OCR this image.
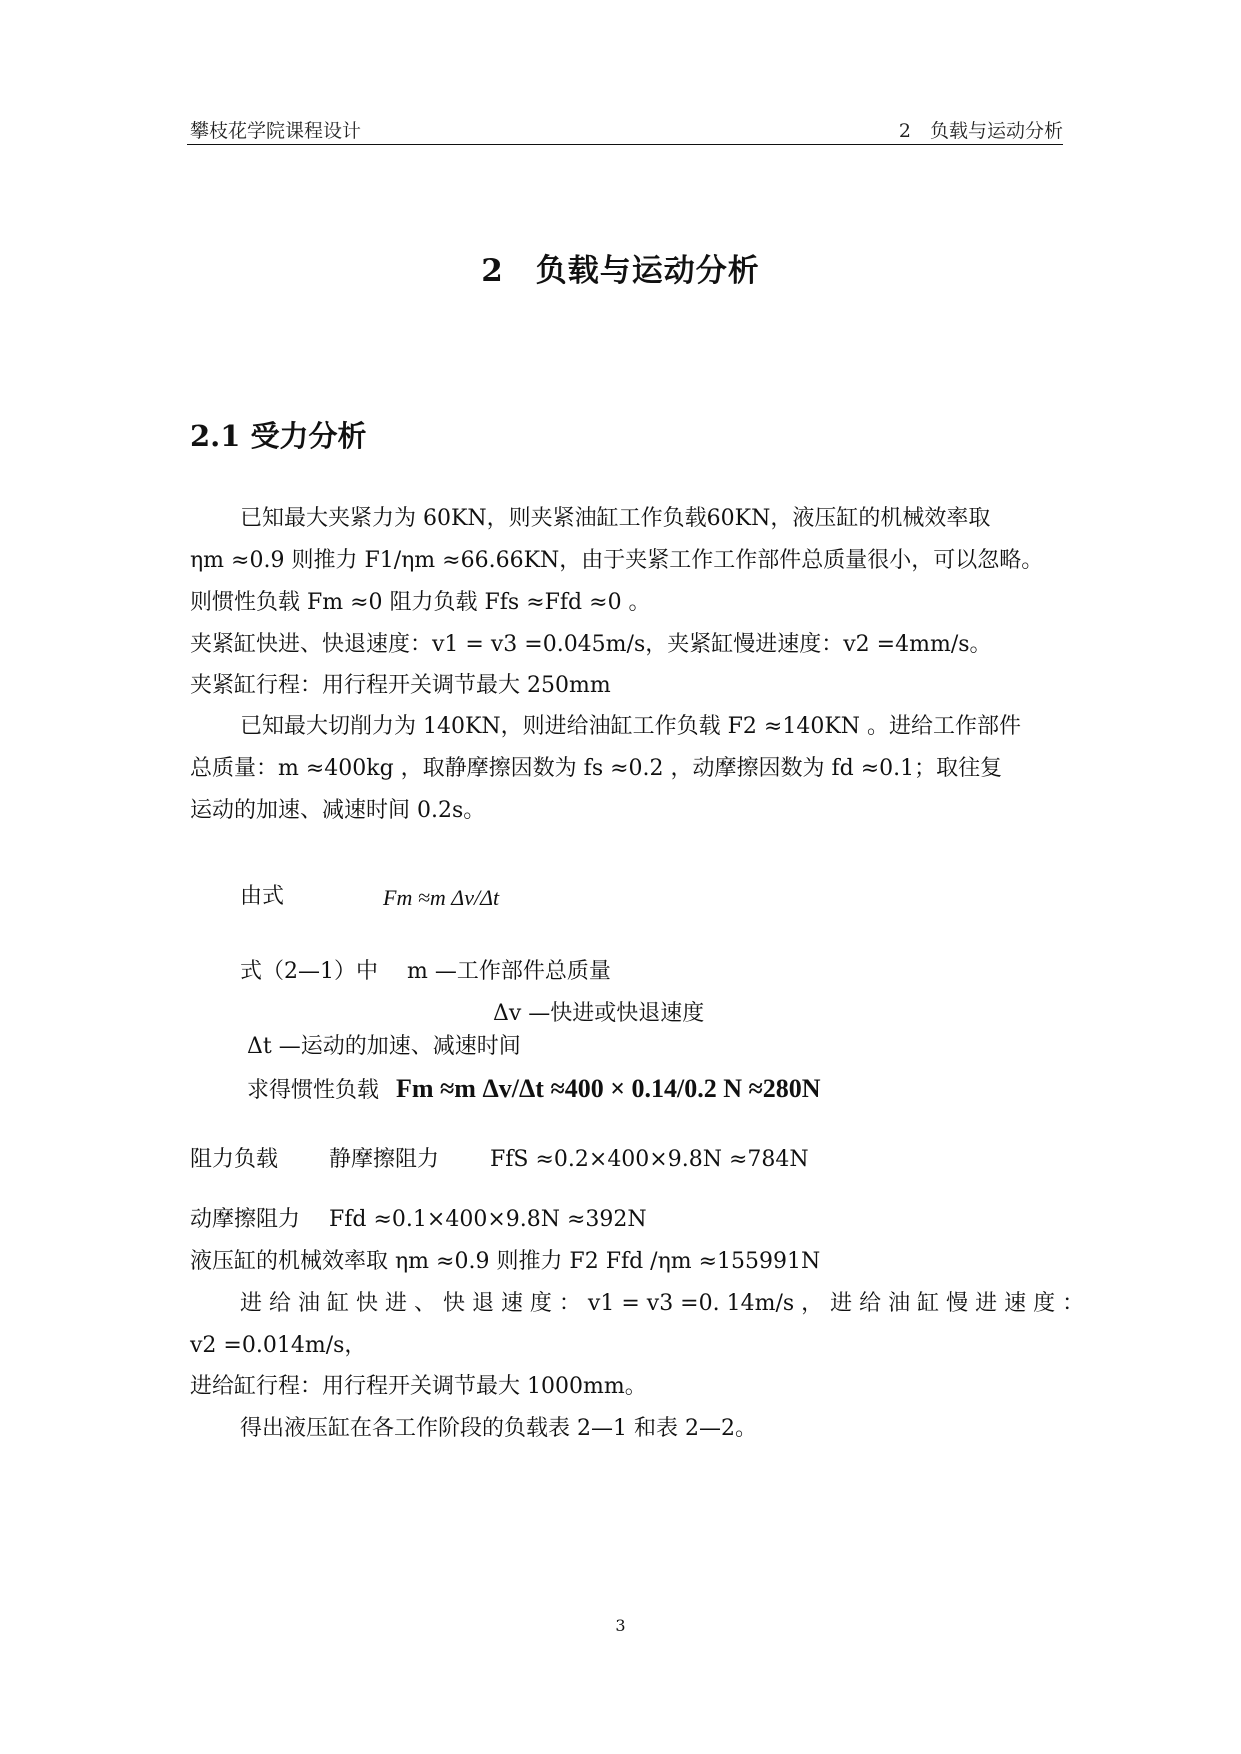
攀枝花学院课程设计	2　负载与运动分析
2　负载与运动分析
2.1 受力分析
已知最大夹紧力为 60KN，则夹紧油缸工作负载60KN，液压缸的机械效率取
ηm ≈0.9 则推力 F1/ηm ≈66.66KN，由于夹紧工作工作部件总质量很小，可以忽略。
则惯性负载 Fm ≈0 阻力负载 Ffs ≈Ffd ≈0 。
夹紧缸快进、快退速度：v1 = v3 =0.045m/s，夹紧缸慢进速度：v2 =4mm/s。
夹紧缸行程：用行程开关调节最大 250mm
已知最大切削力为 140KN，则进给油缸工作负载 F2 ≈140KN 。进给工作部件
总质量：m ≈400kg ，取静摩擦因数为 fs ≈0.2 ，动摩擦因数为 fd ≈0.1；取往复
运动的加速、减速时间 0.2s。
由式	Fm ≈m Δv/Δt
式（2—1）中　 m —工作部件总质量
Δv —快进或快退速度
Δt —运动的加速、减速时间
求得惯性负载 Fm ≈m Δv/Δt ≈400 × 0.14/0.2 N ≈280N
阻力负载　　 静摩擦阻力　　 FfS ≈0.2×400×9.8N ≈784N
动摩擦阻力　 Ffd ≈0.1×400×9.8N ≈392N
液压缸的机械效率取 ηm ≈0.9 则推力 F2 Ffd /ηm ≈155991N
进 给 油 缸 快 进 、 快 退 速 度 ： v1 = v3 =0. 14m/s ， 进 给 油 缸 慢 进 速 度 ：
v2 =0.014m/s，
进给缸行程：用行程开关调节最大 1000mm。
得出液压缸在各工作阶段的负载表 2—1 和表 2—2。
3
